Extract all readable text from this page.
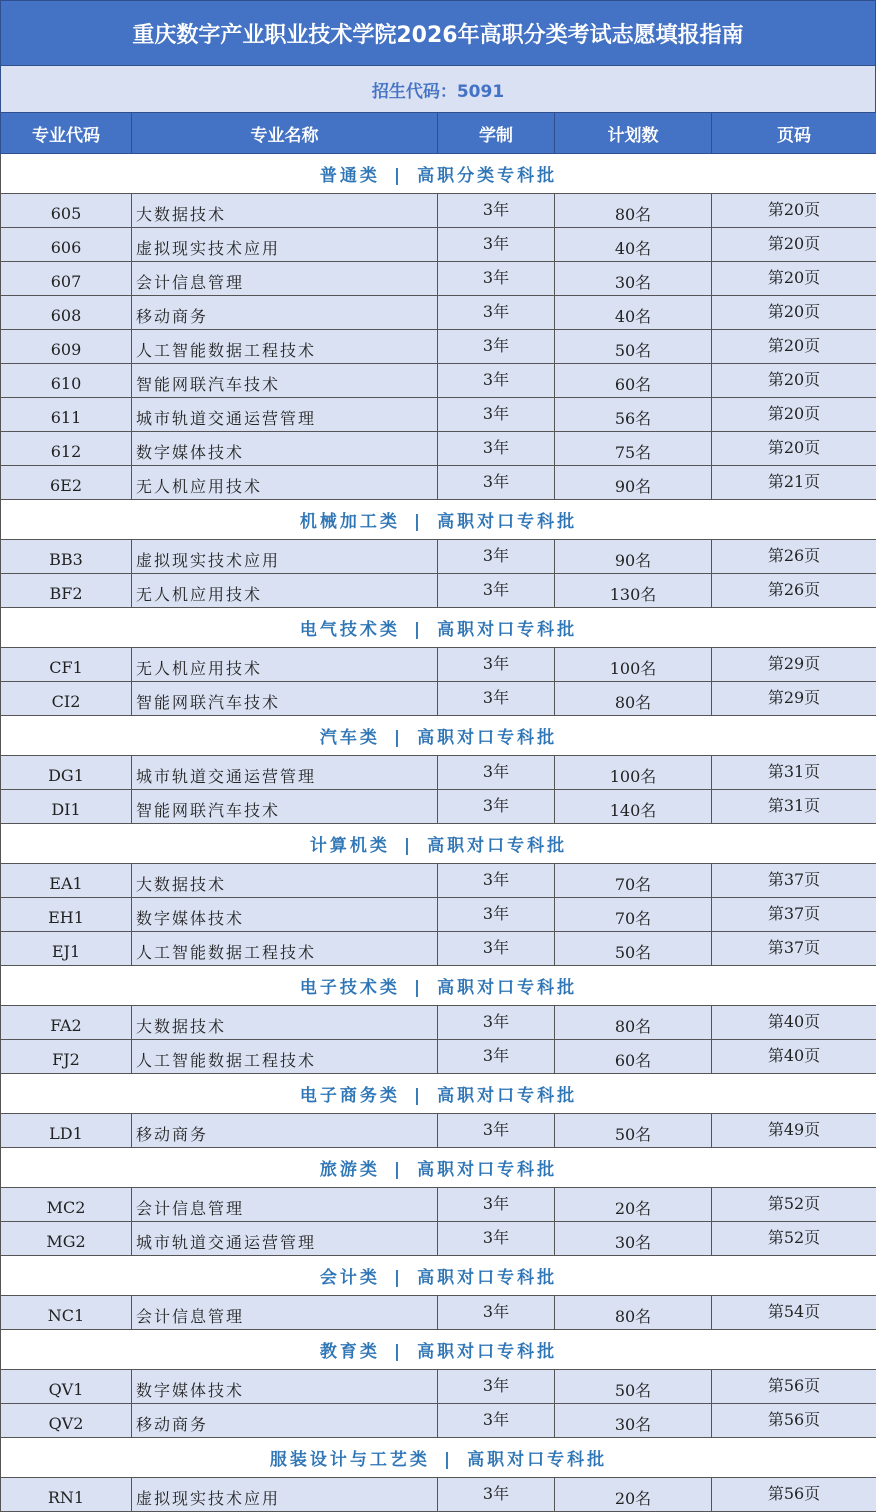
重庆数字产业职业技术学院2026年高职分类考试志愿填报指南
招生代码：5091
专业代码	专业名称	学制	计划数	页码
普通类 | 高职分类专科批				
605	大数据技术	3年	80名	第20页
606	虚拟现实技术应用	3年	40名	第20页
607	会计信息管理	3年	30名	第20页
608	移动商务	3年	40名	第20页
609	人工智能数据工程技术	3年	50名	第20页
610	智能网联汽车技术	3年	60名	第20页
611	城市轨道交通运营管理	3年	56名	第20页
612	数字媒体技术	3年	75名	第20页
6E2	无人机应用技术	3年	90名	第21页
机械加工类 | 高职对口专科批				
BB3	虚拟现实技术应用	3年	90名	第26页
BF2	无人机应用技术	3年	130名	第26页
电气技术类 | 高职对口专科批				
CF1	无人机应用技术	3年	100名	第29页
CI2	智能网联汽车技术	3年	80名	第29页
汽车类 | 高职对口专科批				
DG1	城市轨道交通运营管理	3年	100名	第31页
DI1	智能网联汽车技术	3年	140名	第31页
计算机类 | 高职对口专科批				
EA1	大数据技术	3年	70名	第37页
EH1	数字媒体技术	3年	70名	第37页
EJ1	人工智能数据工程技术	3年	50名	第37页
电子技术类 | 高职对口专科批				
FA2	大数据技术	3年	80名	第40页
FJ2	人工智能数据工程技术	3年	60名	第40页
电子商务类 | 高职对口专科批				
LD1	移动商务	3年	50名	第49页
旅游类 | 高职对口专科批				
MC2	会计信息管理	3年	20名	第52页
MG2	城市轨道交通运营管理	3年	30名	第52页
会计类 | 高职对口专科批				
NC1	会计信息管理	3年	80名	第54页
教育类 | 高职对口专科批				
QV1	数字媒体技术	3年	50名	第56页
QV2	移动商务	3年	30名	第56页
服装设计与工艺类 | 高职对口专科批				
RN1	虚拟现实技术应用	3年	20名	第56页
